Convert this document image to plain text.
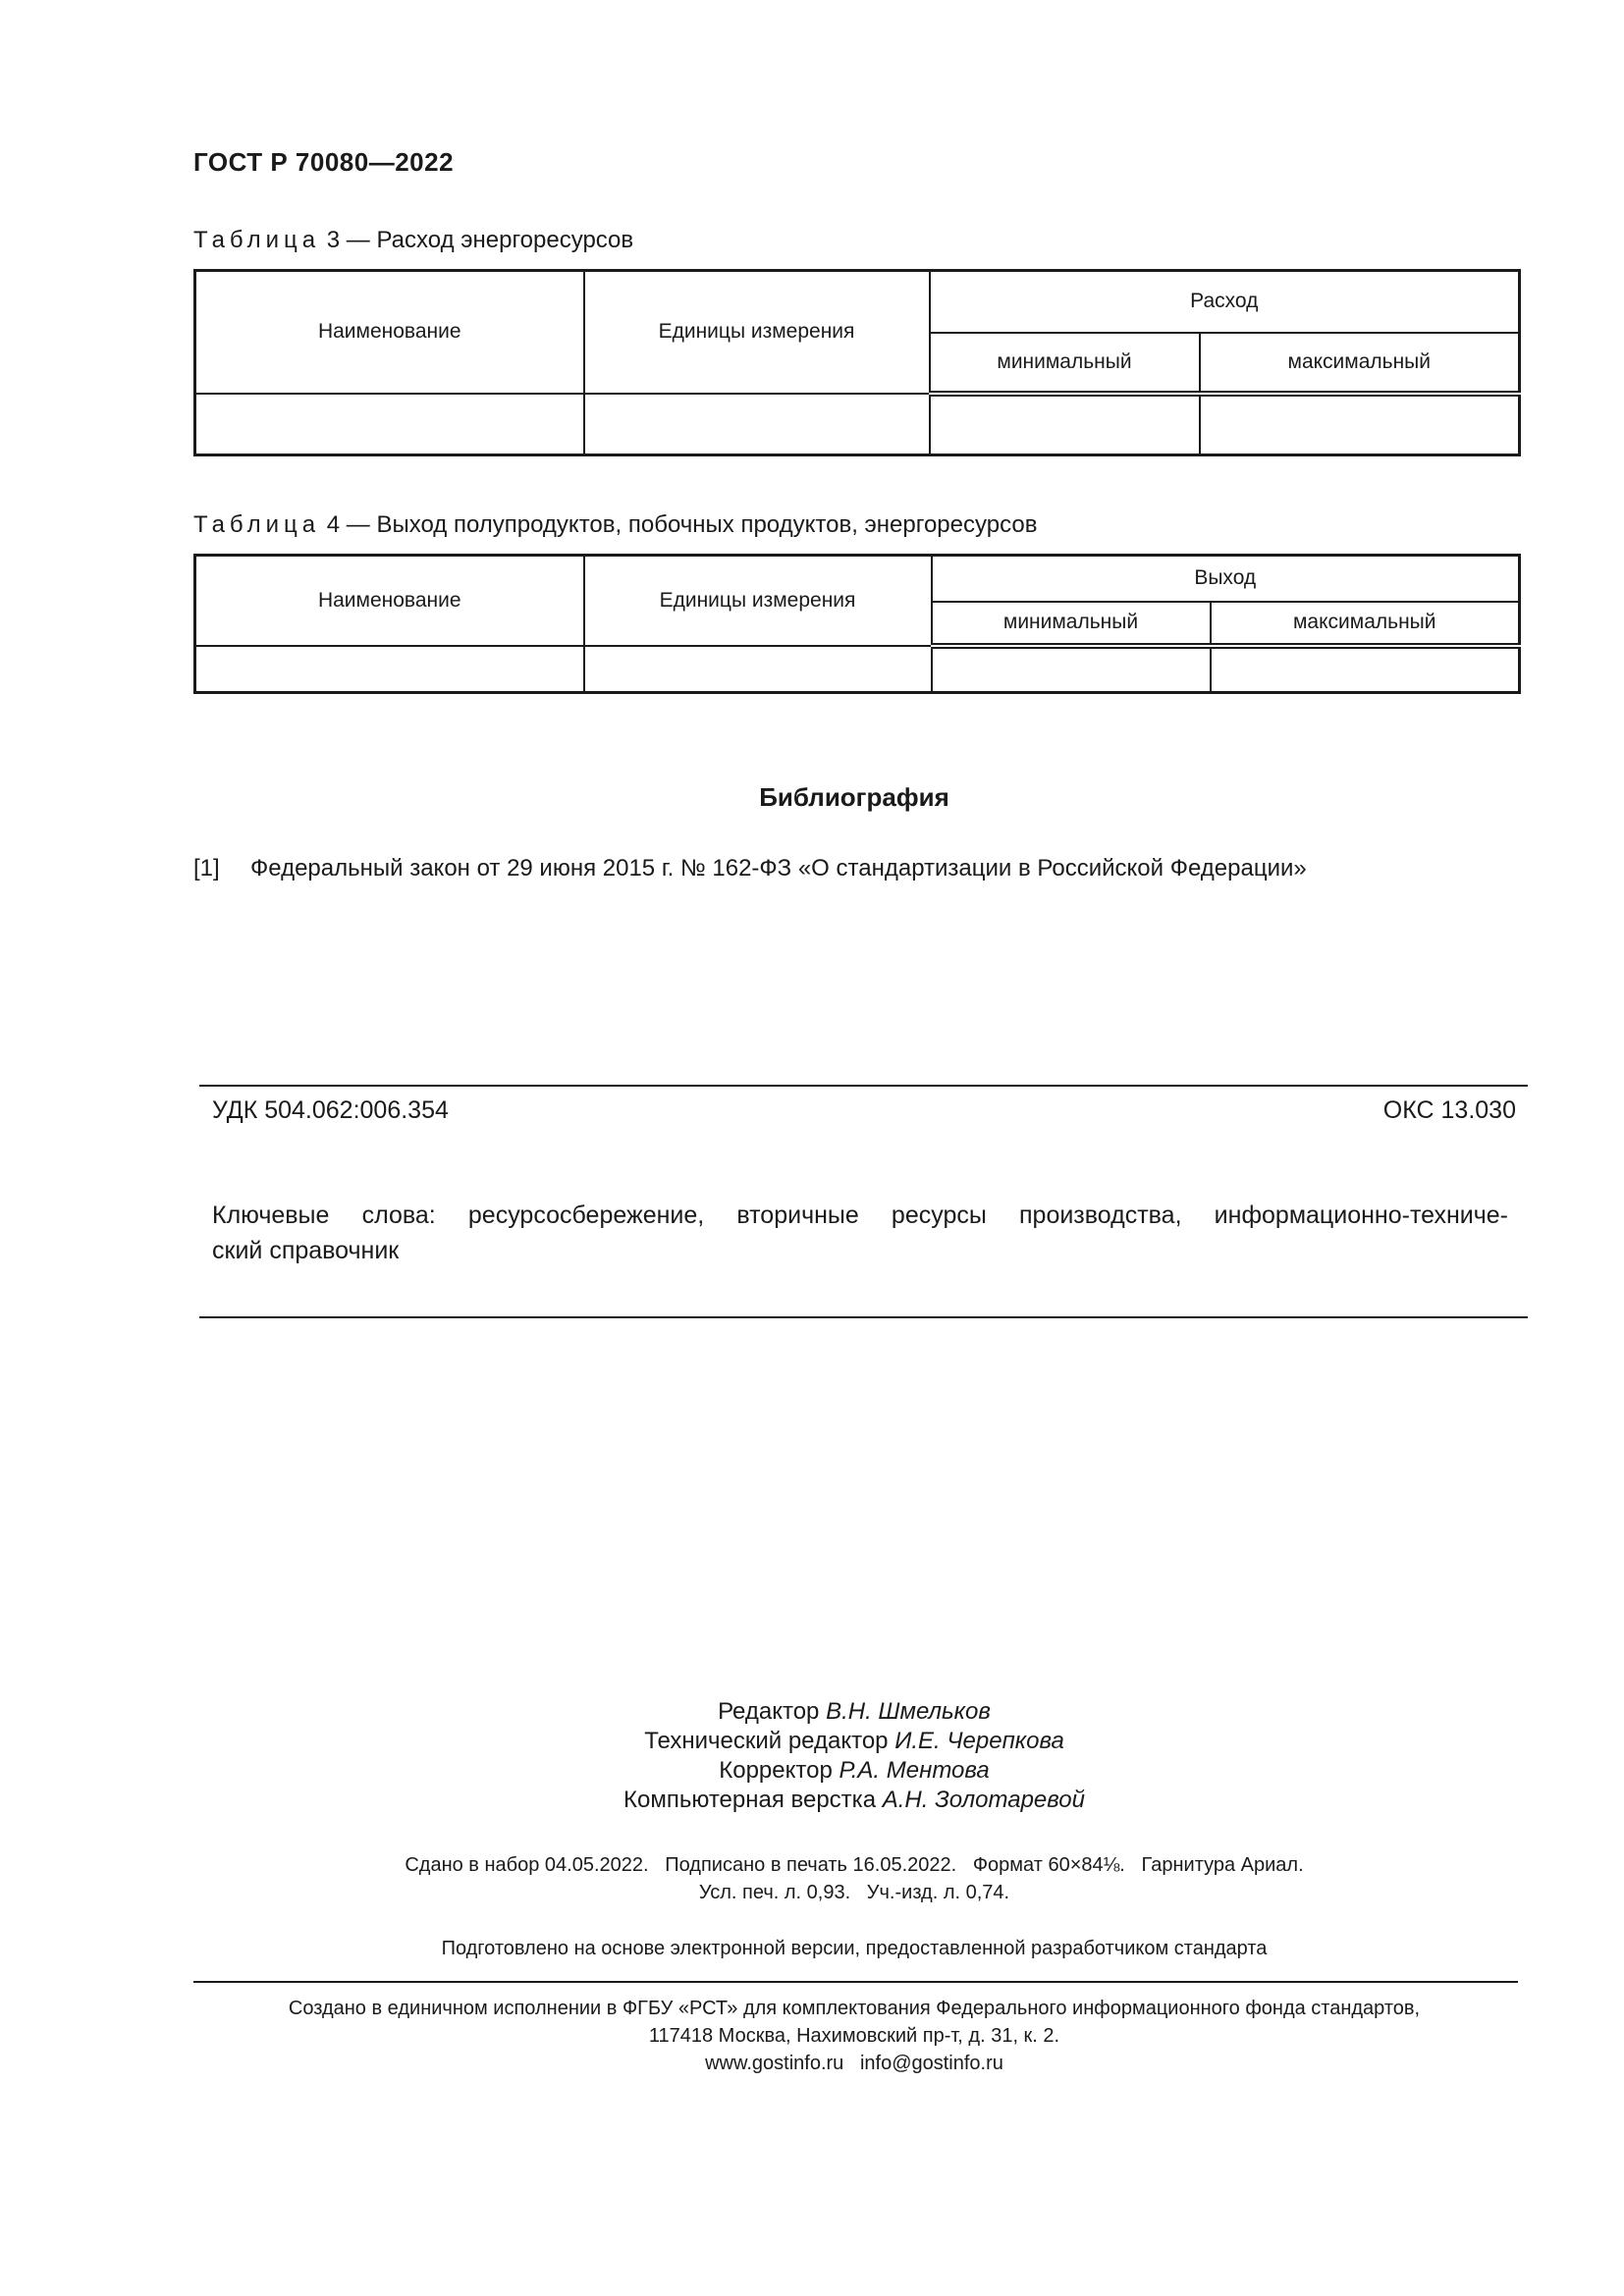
ГОСТ Р 70080—2022
Таблица 3 — Расход энергоресурсов
Наименование	Единицы измерения	Расход	
		минимальный	максимальный

Таблица 4 — Выход полупродуктов, побочных продуктов, энергоресурсов
Наименование	Единицы измерения	Выход	
		минимальный	максимальный

Библиография
[1] Федеральный закон от 29 июня 2015 г. № 162-ФЗ «О стандартизации в Российской Федерации»
УДК 504.062:006.354	ОКС 13.030
Ключевые слова: ресурсосбережение, вторичные ресурсы производства, информационно-техниче-
ский справочник
Редактор В.Н. Шмельков
Технический редактор И.Е. Черепкова
Корректор Р.А. Ментова
Компьютерная верстка А.Н. Золотаревой
Сдано в набор 04.05.2022.   Подписано в печать 16.05.2022.   Формат 60×84⅛.   Гарнитура Ариал.
Усл. печ. л. 0,93.   Уч.-изд. л. 0,74.
Подготовлено на основе электронной версии, предоставленной разработчиком стандарта
Создано в единичном исполнении в ФГБУ «РСТ» для комплектования Федерального информационного фонда стандартов,
117418 Москва, Нахимовский пр-т, д. 31, к. 2.
www.gostinfo.ru   info@gostinfo.ru
